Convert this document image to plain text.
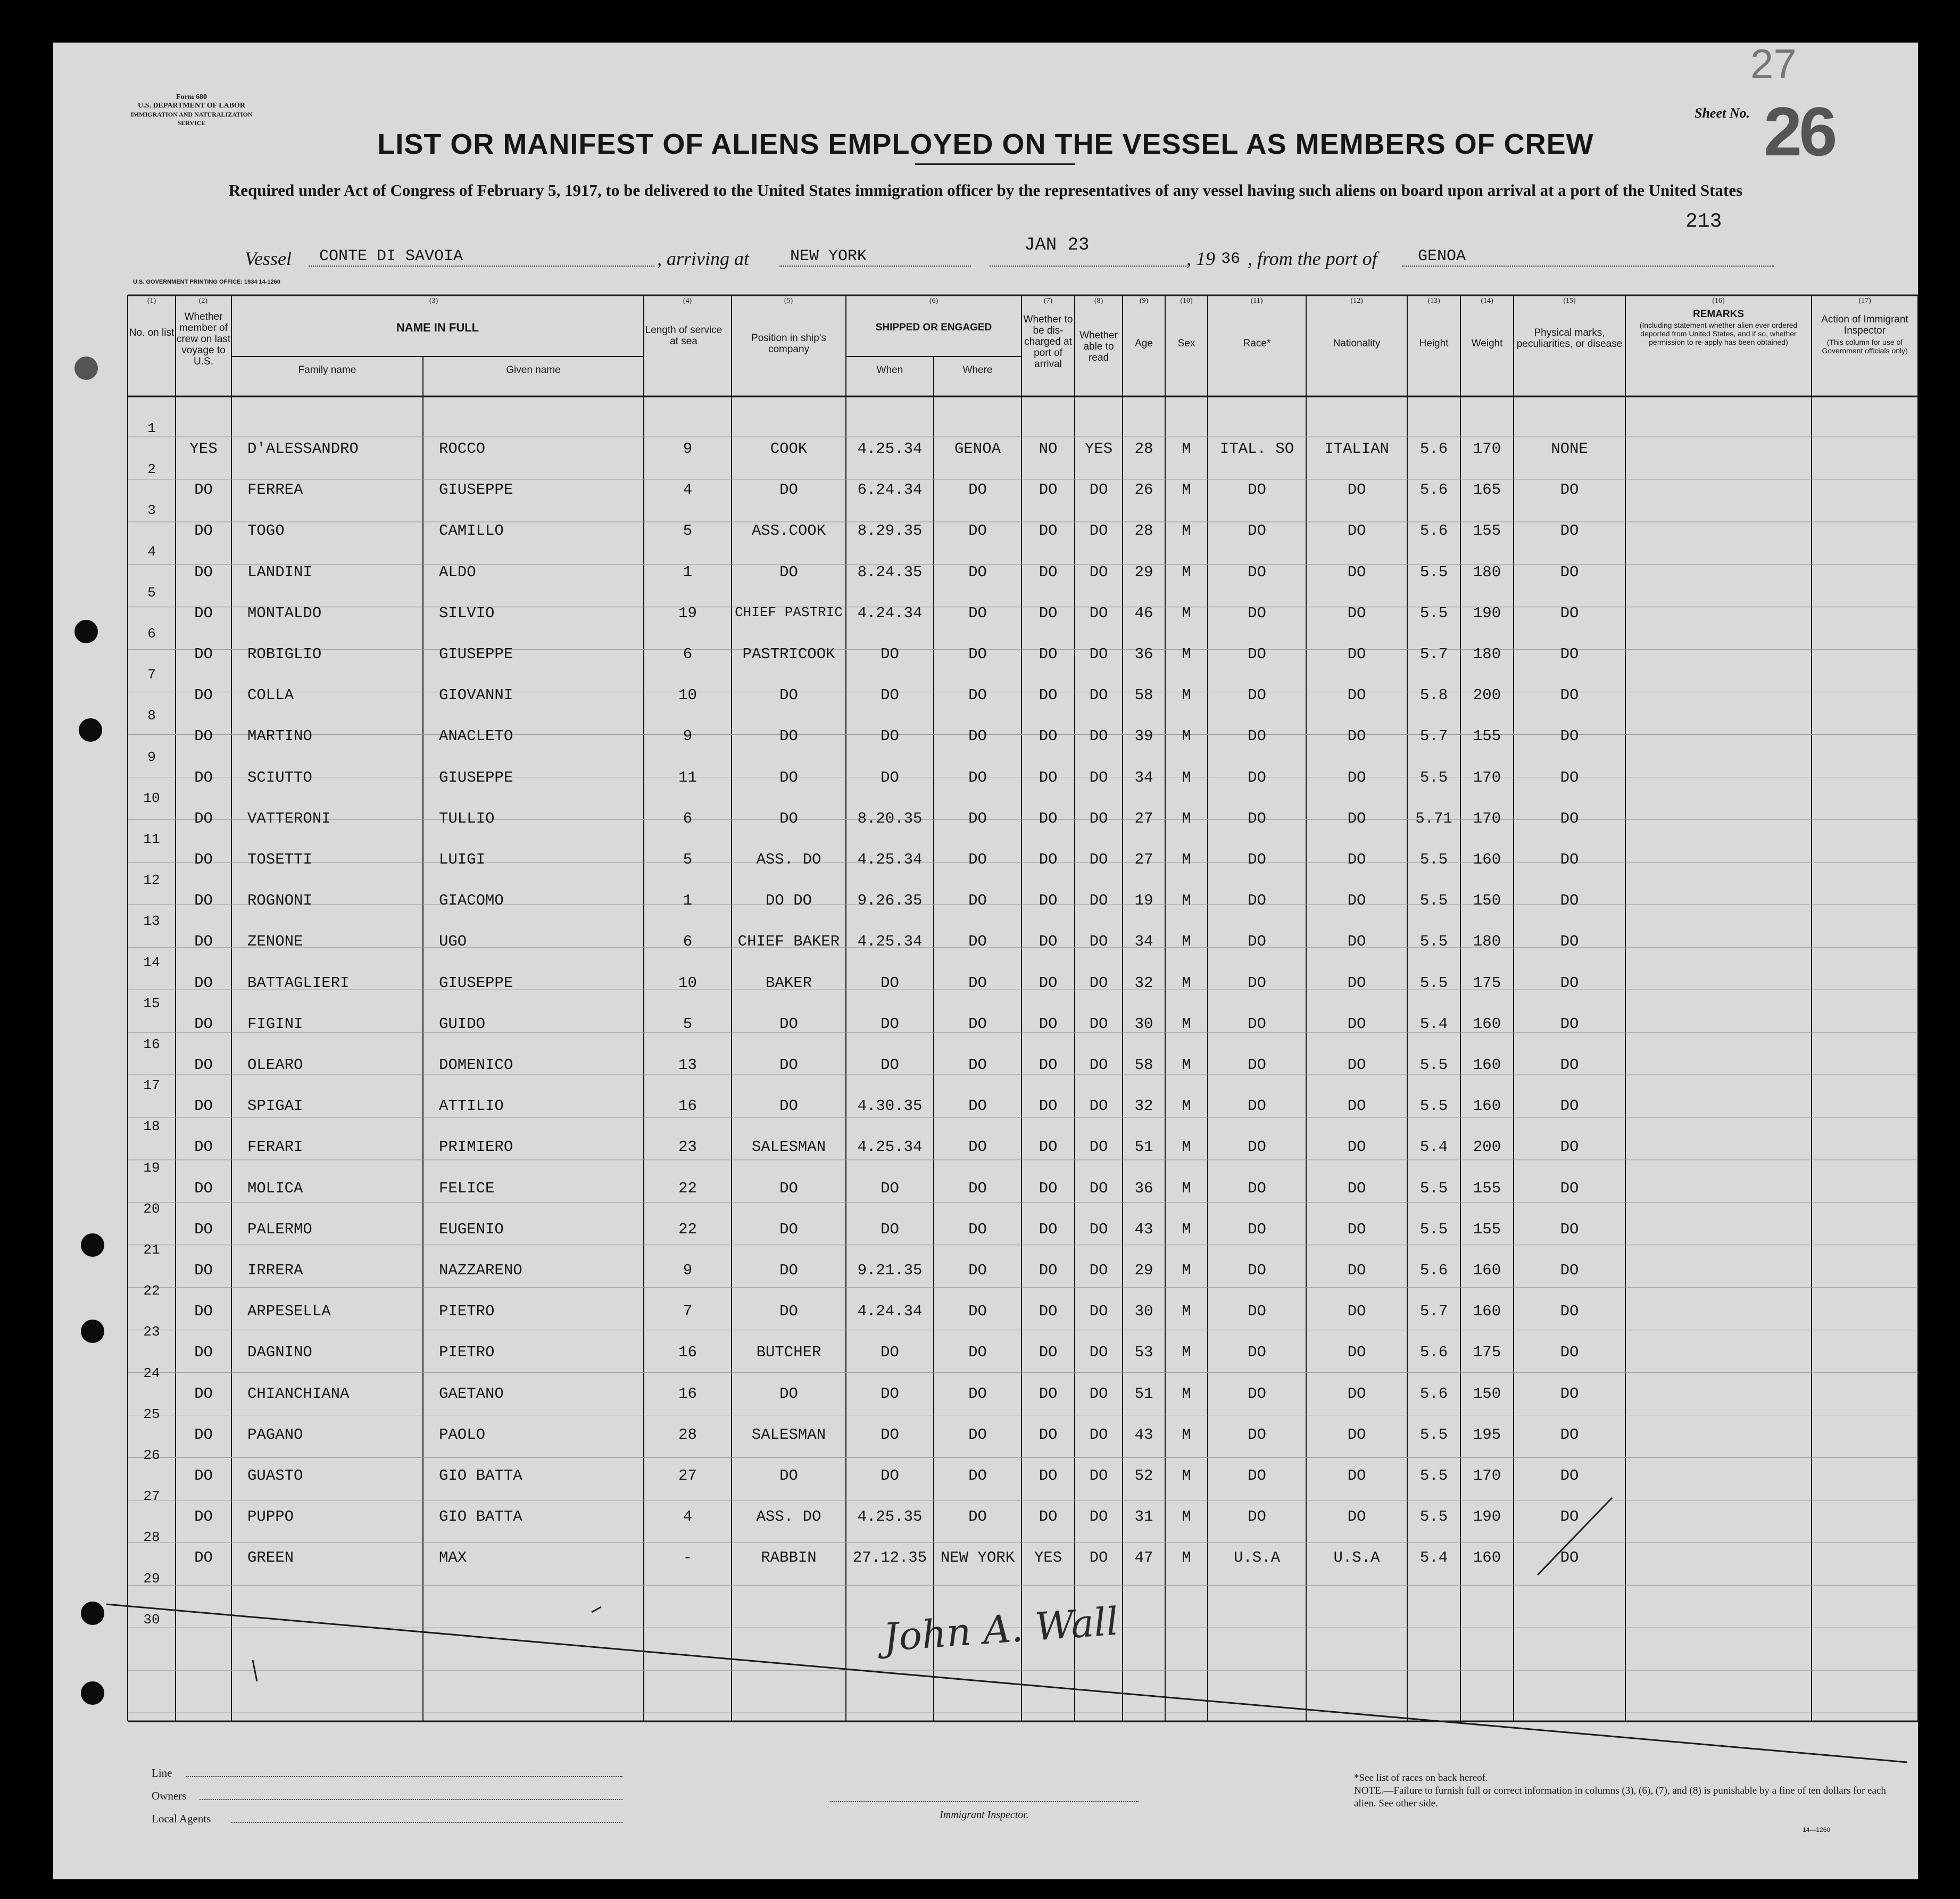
Form 680
U.S. DEPARTMENT OF LABOR
IMMIGRATION AND NATURALIZATION SERVICE
Sheet No.
27
26
LIST OR MANIFEST OF ALIENS EMPLOYED ON THE VESSEL AS MEMBERS OF CREW
Required under Act of Congress of February 5, 1917, to be delivered to the United States immigration officer by the representatives of any vessel having such aliens on board upon arrival at a port of the United States
213
Vessel	CONTE DI SAVOIA	, arriving at	NEW YORK
JAN 23
, 19 36 , from the port of	GENOA
U.S. GOVERNMENT PRINTING OFFICE: 1934 14-1260
(1)	(2)	(3)	(4)	(5)	(6)	(7)	(8)	(9)	(10)	(11)	(12)	(13)	(14)	(15)	(16)	(17)
No. on list
Whether member of crew on last voyage to U.S.
NAME IN FULL
Family name	Given name
Length of service at sea	Position in ship's company
SHIPPED OR ENGAGED
When	Where
Whether to be dis-charged at port of arrival
Whether able to read
Age	Sex	Race*	Nationality	Height	Weight
Physical marks, peculiarities, or disease
REMARKS
(Including statement whether alien ever ordered deported from United States, and if so, whether permission to re-apply has been obtained)
Action of Immigrant Inspector
(This column for use of Government officials only)
1
YES	D'ALESSANDRO	ROCCO	9	COOK	4.25.34	GENOA	NO	YES	28	M	ITAL. SO	ITALIAN	5.6	170	NONE
2
DO	FERREA	GIUSEPPE	4	DO	6.24.34	DO	DO	DO	26	M	DO	DO	5.6	165	DO
3
DO	TOGO	CAMILLO	5	ASS.COOK	8.29.35	DO	DO	DO	28	M	DO	DO	5.6	155	DO
4
DO	LANDINI	ALDO	1	DO	8.24.35	DO	DO	DO	29	M	DO	DO	5.5	180	DO
5
DO	MONTALDO	SILVIO	19	CHIEF PASTRIC 4.24.34	DO	DO	DO	46	M	DO	DO	5.5	190	DO
6
DO	ROBIGLIO	GIUSEPPE	6	PASTRICOOK	DO	DO	DO	DO	36	M	DO	DO	5.7	180	DO
7
DO	COLLA	GIOVANNI	10	DO	DO	DO	DO	DO	58	M	DO	DO	5.8	200	DO
8
DO	MARTINO	ANACLETO	9	DO	DO	DO	DO	DO	39	M	DO	DO	5.7	155	DO
9
DO	SCIUTTO	GIUSEPPE	11	DO	DO	DO	DO	DO	34	M	DO	DO	5.5	170	DO
10
DO	VATTERONI	TULLIO	6	DO	8.20.35	DO	DO	DO	27	M	DO	DO	5.71	170	DO
11
DO	TOSETTI	LUIGI	5	ASS. DO	4.25.34	DO	DO	DO	27	M	DO	DO	5.5	160	DO
12
DO	ROGNONI	GIACOMO	1	DO DO	9.26.35	DO	DO	DO	19	M	DO	DO	5.5	150	DO
13
DO	ZENONE	UGO	6	CHIEF BAKER	4.25.34	DO	DO	DO	34	M	DO	DO	5.5	180	DO
14
DO	BATTAGLIERI	GIUSEPPE	10	BAKER	DO	DO	DO	DO	32	M	DO	DO	5.5	175	DO
15
DO	FIGINI	GUIDO	5	DO	DO	DO	DO	DO	30	M	DO	DO	5.4	160	DO
16
DO	OLEARO	DOMENICO	13	DO	DO	DO	DO	DO	58	M	DO	DO	5.5	160	DO
17
DO	SPIGAI	ATTILIO	16	DO	4.30.35	DO	DO	DO	32	M	DO	DO	5.5	160	DO
18
DO	FERARI	PRIMIERO	23	SALESMAN	4.25.34	DO	DO	DO	51	M	DO	DO	5.4	200	DO
19
DO	MOLICA	FELICE	22	DO	DO	DO	DO	DO	36	M	DO	DO	5.5	155	DO
20
DO	PALERMO	EUGENIO	22	DO	DO	DO	DO	DO	43	M	DO	DO	5.5	155	DO
21
DO	IRRERA	NAZZARENO	9	DO	9.21.35	DO	DO	DO	29	M	DO	DO	5.6	160	DO
22
DO	ARPESELLA	PIETRO	7	DO	4.24.34	DO	DO	DO	30	M	DO	DO	5.7	160	DO
23
DO	DAGNINO	PIETRO	16	BUTCHER	DO	DO	DO	DO	53	M	DO	DO	5.6	175	DO
24
DO	CHIANCHIANA	GAETANO	16	DO	DO	DO	DO	DO	51	M	DO	DO	5.6	150	DO
25
DO	PAGANO	PAOLO	28	SALESMAN	DO	DO	DO	DO	43	M	DO	DO	5.5	195	DO
26
DO	GUASTO	GIO BATTA	27	DO	DO	DO	DO	DO	52	M	DO	DO	5.5	170	DO
27
DO	PUPPO	GIO BATTA	4	ASS. DO	4.25.35	DO	DO	DO	31	M	DO	DO	5.5	190	DO
28
DO	GREEN	MAX	-	RABBIN	27.12.35 NEW YORK	YES	DO	47	M	U.S.A	U.S.A	5.4	160	DO
29
30	John A. Wall
Line
Owners
Local Agents	Immigrant Inspector.
*See list of races on back hereof.
NOTE.—Failure to furnish full or correct information in columns (3), (6), (7), and (8) is punishable by a fine of ten dollars for each alien. See other side.
14—1260
